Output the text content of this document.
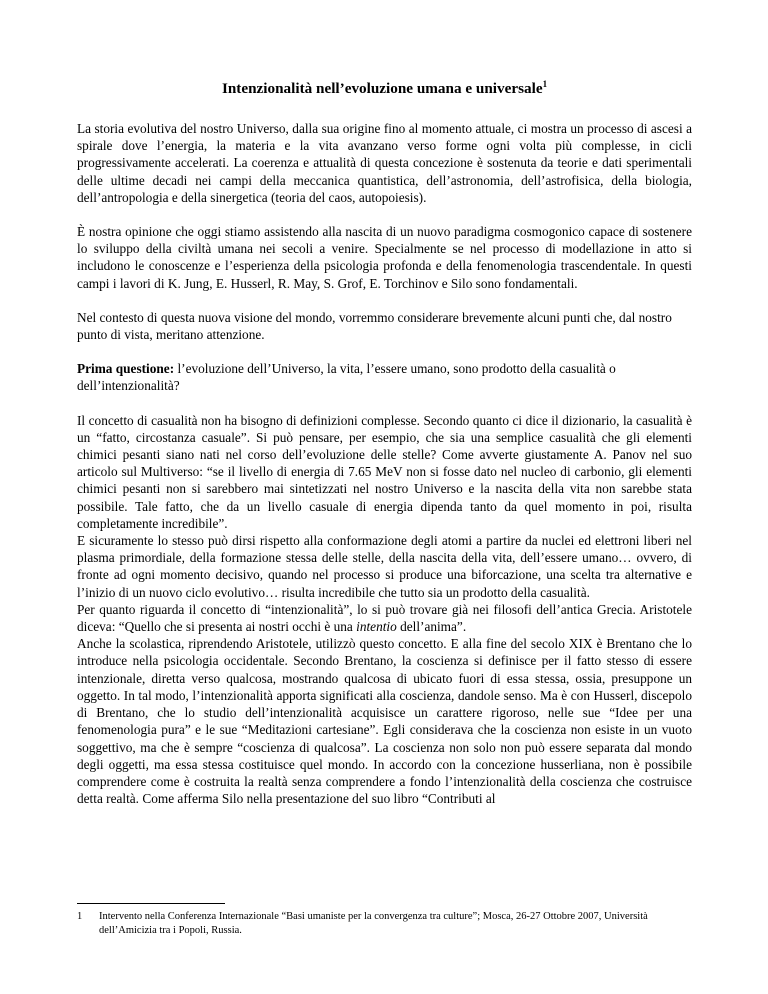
Intenzionalità nell’evoluzione umana e universale$^1$

La storia evolutiva del nostro Universo, dalla sua origine fino al momento attuale, ci mostra un processo di ascesi a spirale dove l’energia, la materia e la vita avanzano verso forme ogni volta più complesse, in cicli progressivamente accelerati. La coerenza e attualità di questa concezione è sostenuta da teorie e dati sperimentali delle ultime decadi nei campi della meccanica quantistica, dell’astronomia, dell’astrofisica, della biologia, dell’antropologia e della sinergetica (teoria del caos, autopoiesis).

È nostra opinione che oggi stiamo assistendo alla nascita di un nuovo paradigma cosmogonico capace di sostenere lo sviluppo della civiltà umana nei secoli a venire. Specialmente se nel processo di modellazione in atto si includono le conoscenze e l’esperienza della psicologia profonda e della fenomenologia trascendentale. In questi campi i lavori di K. Jung, E. Husserl, R. May, S. Grof, E. Torchinov e Silo sono fondamentali.

Nel contesto di questa nuova visione del mondo, vorremmo considerare brevemente alcuni punti che, dal nostro punto di vista, meritano attenzione.

Prima questione: l’evoluzione dell’Universo, la vita, l’essere umano, sono prodotto della casualità o dell’intenzionalità?

Il concetto di casualità non ha bisogno di definizioni complesse. Secondo quanto ci dice il dizionario, la casualità è un “fatto, circostanza casuale”. Si può pensare, per esempio, che sia una semplice casualità che gli elementi chimici pesanti siano nati nel corso dell’evoluzione delle stelle? Come avverte giustamente A. Panov nel suo articolo sul Multiverso: “se il livello di energia di 7.65 MeV non si fosse dato nel nucleo di carbonio, gli elementi chimici pesanti non si sarebbero mai sintetizzati nel nostro Universo e la nascita della vita non sarebbe stata possibile. Tale fatto, che da un livello casuale di energia dipenda tanto da quel momento in poi, risulta completamente incredibile”.

E sicuramente lo stesso può dirsi rispetto alla conformazione degli atomi a partire da nuclei ed elettroni liberi nel plasma primordiale, della formazione stessa delle stelle, della nascita della vita, dell’essere umano… ovvero, di fronte ad ogni momento decisivo, quando nel processo si produce una biforcazione, una scelta tra alternative e l’inizio di un nuovo ciclo evolutivo… risulta incredibile che tutto sia un prodotto della casualità.

Per quanto riguarda il concetto di “intenzionalità”, lo si può trovare già nei filosofi dell’antica Grecia. Aristotele diceva: “Quello che si presenta ai nostri occhi è una intentio dell’anima”.

Anche la scolastica, riprendendo Aristotele, utilizzò questo concetto. E alla fine del secolo XIX è Brentano che lo introduce nella psicologia occidentale. Secondo Brentano, la coscienza si definisce per il fatto stesso di essere intenzionale, diretta verso qualcosa, mostrando qualcosa di ubicato fuori di essa stessa, ossia, presuppone un oggetto. In tal modo, l’intenzionalità apporta significati alla coscienza, dandole senso. Ma è con Husserl, discepolo di Brentano, che lo studio dell’intenzionalità acquisisce un carattere rigoroso, nelle sue “Idee per una fenomenologia pura” e le sue “Meditazioni cartesiane”. Egli considerava che la coscienza non esiste in un vuoto soggettivo, ma che è sempre “coscienza di qualcosa”. La coscienza non solo non può essere separata dal mondo degli oggetti, ma essa stessa costituisce quel mondo. In accordo con la concezione husserliana, non è possibile comprendere come è costruita la realtà senza comprendere a fondo l’intenzionalità della coscienza che costruisce detta realtà. Come afferma Silo nella presentazione del suo libro “Contributi al

1 Intervento nella Conferenza Internazionale “Basi umaniste per la convergenza tra culture”; Mosca, 26-27 Ottobre 2007, Università dell’Amicizia tra i Popoli, Russia.
